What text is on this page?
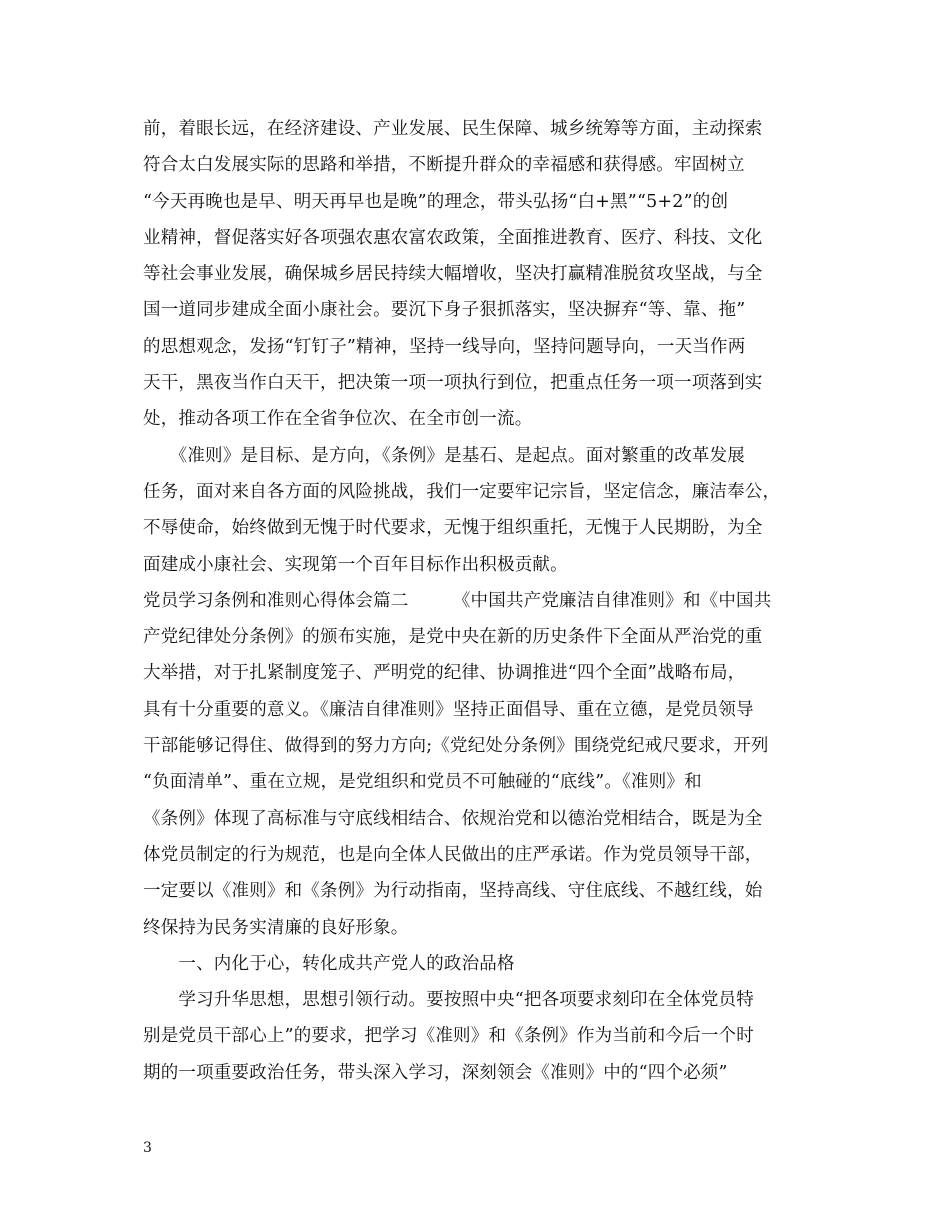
前，着眼长远，在经济建设、产业发展、民生保障、城乡统筹等方面，主动探索
符合太白发展实际的思路和举措，不断提升群众的幸福感和获得感。牢固树立
“今天再晚也是早、明天再早也是晚”的理念，带头弘扬“白+黑”“5+2”的创
业精神，督促落实好各项强农惠农富农政策，全面推进教育、医疗、科技、文化
等社会事业发展，确保城乡居民持续大幅增收，坚决打赢精准脱贫攻坚战，与全
国一道同步建成全面小康社会。要沉下身子狠抓落实，坚决摒弃“等、靠、拖”
的思想观念，发扬“钉钉子”精神，坚持一线导向，坚持问题导向，一天当作两
天干，黑夜当作白天干，把决策一项一项执行到位，把重点任务一项一项落到实
处，推动各项工作在全省争位次、在全市创一流。
　　《准则》是目标、是方向，《条例》是基石、是起点。面对繁重的改革发展
任务，面对来自各方面的风险挑战，我们一定要牢记宗旨，坚定信念，廉洁奉公，
不辱使命，始终做到无愧于时代要求，无愧于组织重托，无愧于人民期盼，为全
面建成小康社会、实现第一个百年目标作出积极贡献。
党员学习条例和准则心得体会篇二　　　《中国共产党廉洁自律准则》和《中国共
产党纪律处分条例》的颁布实施，是党中央在新的历史条件下全面从严治党的重
大举措，对于扎紧制度笼子、严明党的纪律、协调推进“四个全面”战略布局，
具有十分重要的意义。《廉洁自律准则》坚持正面倡导、重在立德，是党员领导
干部能够记得住、做得到的努力方向;《党纪处分条例》围绕党纪戒尺要求，开列
“负面清单”、重在立规，是党组织和党员不可触碰的“底线”。《准则》和
《条例》体现了高标准与守底线相结合、依规治党和以德治党相结合，既是为全
体党员制定的行为规范，也是向全体人民做出的庄严承诺。作为党员领导干部，
一定要以《准则》和《条例》为行动指南，坚持高线、守住底线、不越红线，始
终保持为民务实清廉的良好形象。
　　一、内化于心，转化成共产党人的政治品格
　　学习升华思想，思想引领行动。要按照中央“把各项要求刻印在全体党员特
别是党员干部心上”的要求，把学习《准则》和《条例》作为当前和今后一个时
期的一项重要政治任务，带头深入学习，深刻领会《准则》中的“四个必须”
3
